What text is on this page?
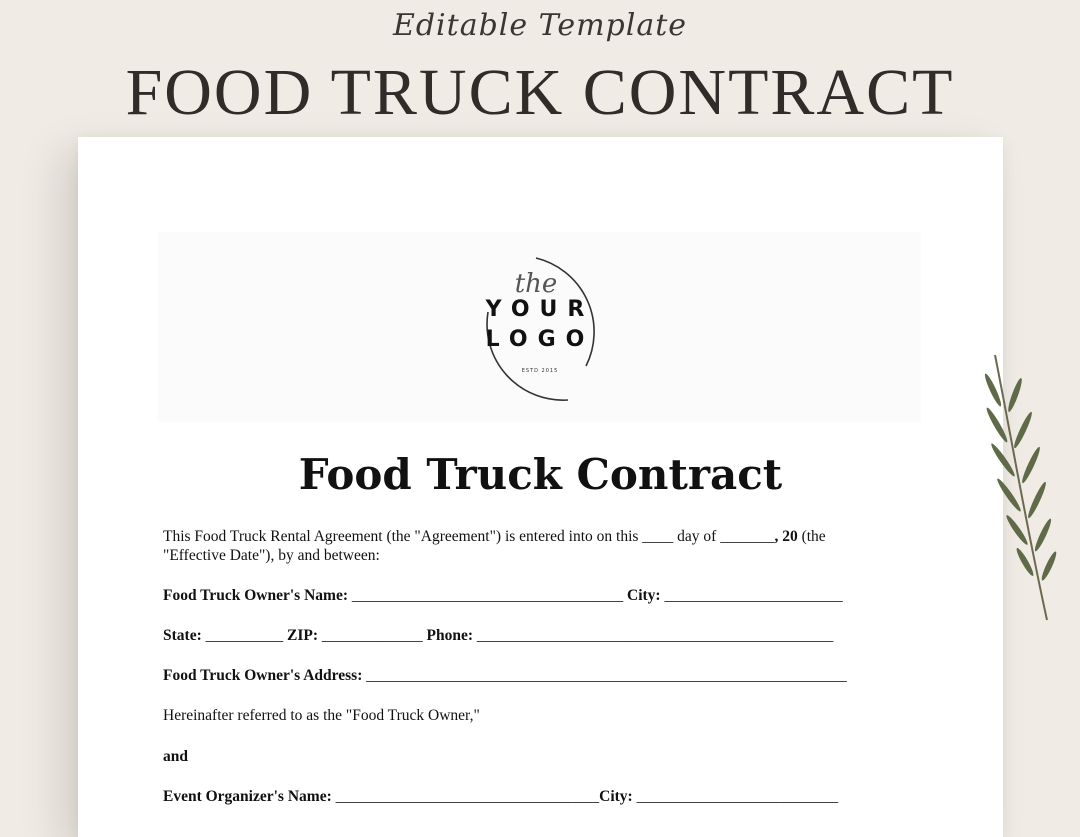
Editable Template
FOOD TRUCK CONTRACT
the
YOUR
LOGO
ESTD 2015
Food Truck Contract
This Food Truck Rental Agreement (the "Agreement") is entered into on this ____ day of _______, 20 (the
"Effective Date"), by and between:
Food Truck Owner's Name: ___________________________________ City: _______________________
State: __________ ZIP: _____________ Phone: ______________________________________________
Food Truck Owner's Address: ______________________________________________________________
Hereinafter referred to as the "Food Truck Owner,"
and
Event Organizer's Name: __________________________________City: __________________________
